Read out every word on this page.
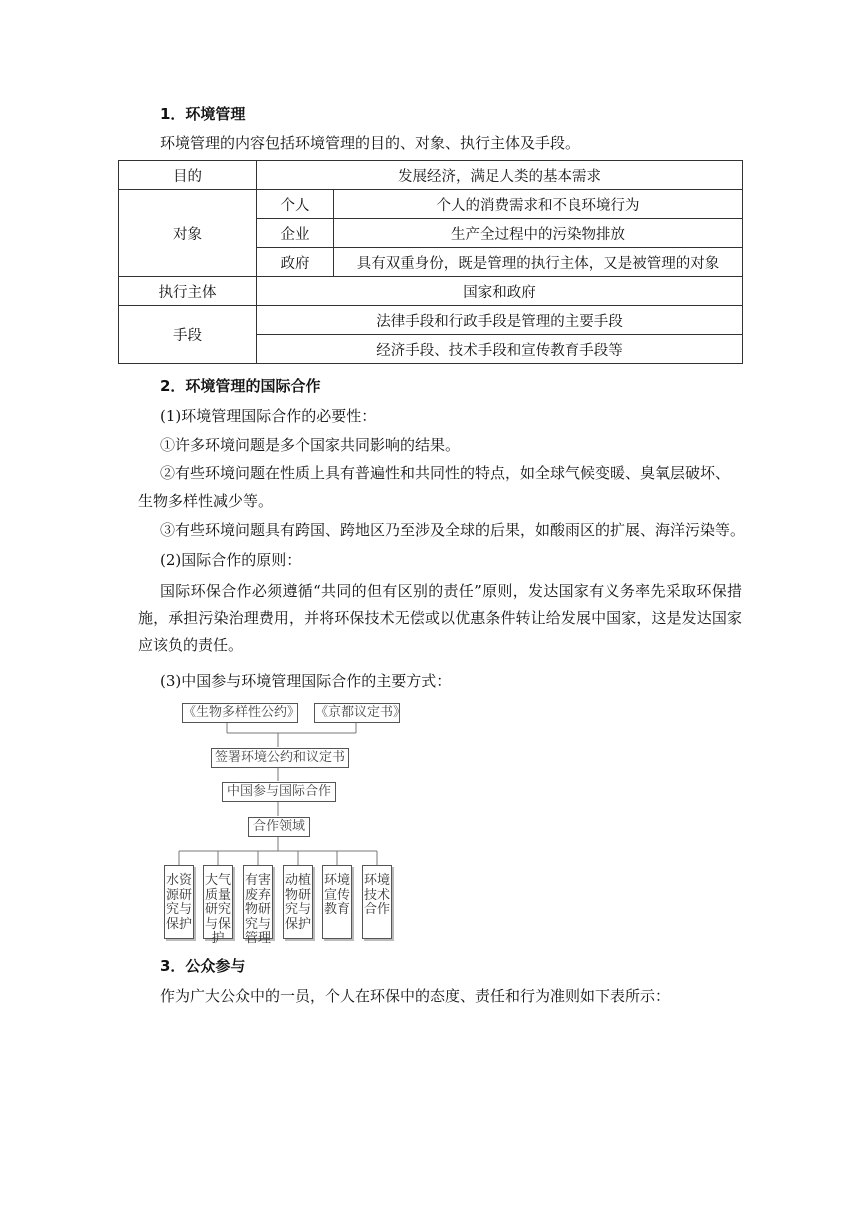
1．环境管理
环境管理的内容包括环境管理的目的、对象、执行主体及手段。
目的	发展经济，满足人类的基本需求	
对象	个人	个人的消费需求和不良环境行为
	企业	生产全过程中的污染物排放
	政府	具有双重身份，既是管理的执行主体，又是被管理的对象
执行主体	国家和政府	
手段	法律手段和行政手段是管理的主要手段	
	经济手段、技术手段和宣传教育手段等	
2．环境管理的国际合作
(1)环境管理国际合作的必要性：
①许多环境问题是多个国家共同影响的结果。
②有些环境问题在性质上具有普遍性和共同性的特点，如全球气候变暖、臭氧层破坏、
生物多样性减少等。
③有些环境问题具有跨国、跨地区乃至涉及全球的后果，如酸雨区的扩展、海洋污染等。
(2)国际合作的原则：
国际环保合作必须遵循“共同的但有区别的责任”原则，发达国家有义务率先采取环保措施，承担污染治理费用，并将环保技术无偿或以优惠条件转让给发展中国家，这是发达国家应该负的责任。
(3)中国参与环境管理国际合作的主要方式：
《生物多样性公约》 《京都议定书》
签署环境公约和议定书
中国参与国际合作
合作领域
水资
源研
究与
保护
大气
质量
研究
与保
护
有害
废弃
物研
究与
管理
动植
物研
究与
保护
环境
宣传
教育
环境
技术
合作
3．公众参与
作为广大公众中的一员，个人在环保中的态度、责任和行为准则如下表所示：
